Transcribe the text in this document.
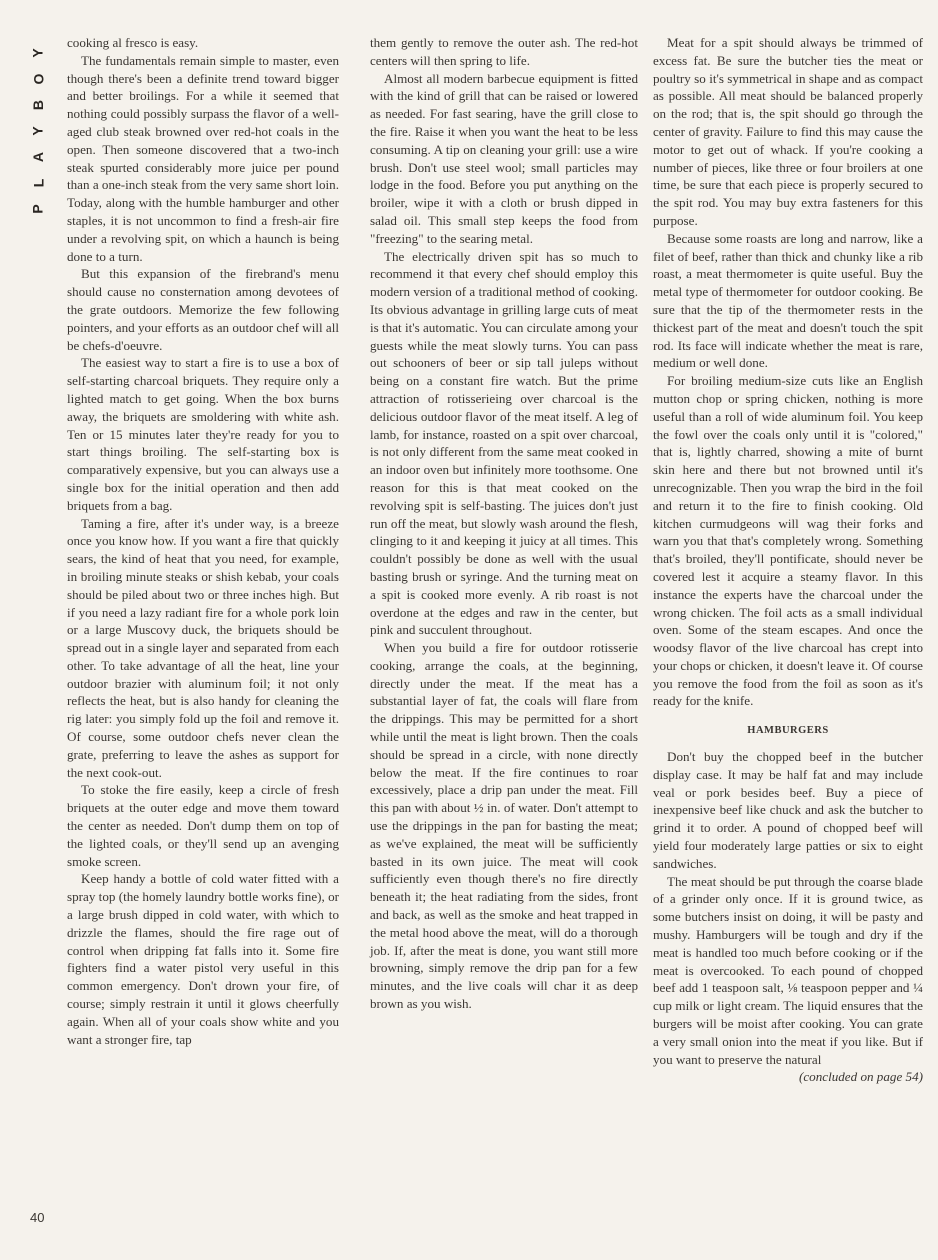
Y
O
B
Y
A
L
P

cooking al fresco is easy.

The fundamentals remain simple to master, even though there's been a definite trend toward bigger and better broilings. For a while it seemed that nothing could possibly surpass the flavor of a well-aged club steak browned over red-hot coals in the open. Then someone discovered that a two-inch steak spurted considerably more juice per pound than a one-inch steak from the very same short loin. Today, along with the humble hamburger and other staples, it is not uncommon to find a fresh-air fire under a revolving spit, on which a haunch is being done to a turn.

But this expansion of the firebrand's menu should cause no consternation among devotees of the grate outdoors. Memorize the few following pointers, and your efforts as an outdoor chef will all be chefs-d'oeuvre.

The easiest way to start a fire is to use a box of self-starting charcoal briquets. They require only a lighted match to get going. When the box burns away, the briquets are smoldering with white ash. Ten or 15 minutes later they're ready for you to start things broiling. The self-starting box is comparatively expensive, but you can always use a single box for the initial operation and then add briquets from a bag.

Taming a fire, after it's under way, is a breeze once you know how. If you want a fire that quickly sears, the kind of heat that you need, for example, in broiling minute steaks or shish kebab, your coals should be piled about two or three inches high. But if you need a lazy radiant fire for a whole pork loin or a large Muscovy duck, the briquets should be spread out in a single layer and separated from each other. To take advantage of all the heat, line your outdoor brazier with aluminum foil; it not only reflects the heat, but is also handy for cleaning the rig later: you simply fold up the foil and remove it. Of course, some outdoor chefs never clean the grate, preferring to leave the ashes as support for the next cook-out.

To stoke the fire easily, keep a circle of fresh briquets at the outer edge and move them toward the center as needed. Don't dump them on top of the lighted coals, or they'll send up an avenging smoke screen.

Keep handy a bottle of cold water fitted with a spray top (the homely laundry bottle works fine), or a large brush dipped in cold water, with which to drizzle the flames, should the fire rage out of control when dripping fat falls into it. Some fire fighters find a water pistol very useful in this common emergency. Don't drown your fire, of course; simply restrain it until it glows cheerfully again. When all of your coals show white and you want a stronger fire, tap

them gently to remove the outer ash. The red-hot centers will then spring to life.

Almost all modern barbecue equipment is fitted with the kind of grill that can be raised or lowered as needed. For fast searing, have the grill close to the fire. Raise it when you want the heat to be less consuming. A tip on cleaning your grill: use a wire brush. Don't use steel wool; small particles may lodge in the food. Before you put anything on the broiler, wipe it with a cloth or brush dipped in salad oil. This small step keeps the food from "freezing" to the searing metal.

The electrically driven spit has so much to recommend it that every chef should employ this modern version of a traditional method of cooking. Its obvious advantage in grilling large cuts of meat is that it's automatic. You can circulate among your guests while the meat slowly turns. You can pass out schooners of beer or sip tall juleps without being on a constant fire watch. But the prime attraction of rotisserieing over charcoal is the delicious outdoor flavor of the meat itself. A leg of lamb, for instance, roasted on a spit over charcoal, is not only different from the same meat cooked in an indoor oven but infinitely more toothsome. One reason for this is that meat cooked on the revolving spit is self-basting. The juices don't just run off the meat, but slowly wash around the flesh, clinging to it and keeping it juicy at all times. This couldn't possibly be done as well with the usual basting brush or syringe. And the turning meat on a spit is cooked more evenly. A rib roast is not overdone at the edges and raw in the center, but pink and succulent throughout.

When you build a fire for outdoor rotisserie cooking, arrange the coals, at the beginning, directly under the meat. If the meat has a substantial layer of fat, the coals will flare from the drippings. This may be permitted for a short while until the meat is light brown. Then the coals should be spread in a circle, with none directly below the meat. If the fire continues to roar excessively, place a drip pan under the meat. Fill this pan with about ½ in. of water. Don't attempt to use the drippings in the pan for basting the meat; as we've explained, the meat will be sufficiently basted in its own juice. The meat will cook sufficiently even though there's no fire directly beneath it; the heat radiating from the sides, front and back, as well as the smoke and heat trapped in the metal hood above the meat, will do a thorough job. If, after the meat is done, you want still more browning, simply remove the drip pan for a few minutes, and the live coals will char it as deep brown as you wish.

Meat for a spit should always be trimmed of excess fat. Be sure the butcher ties the meat or poultry so it's symmetrical in shape and as compact as possible. All meat should be balanced properly on the rod; that is, the spit should go through the center of gravity. Failure to find this may cause the motor to get out of whack. If you're cooking a number of pieces, like three or four broilers at one time, be sure that each piece is properly secured to the spit rod. You may buy extra fasteners for this purpose.

Because some roasts are long and narrow, like a filet of beef, rather than thick and chunky like a rib roast, a meat thermometer is quite useful. Buy the metal type of thermometer for outdoor cooking. Be sure that the tip of the thermometer rests in the thickest part of the meat and doesn't touch the spit rod. Its face will indicate whether the meat is rare, medium or well done.

For broiling medium-size cuts like an English mutton chop or spring chicken, nothing is more useful than a roll of wide aluminum foil. You keep the fowl over the coals only until it is "colored," that is, lightly charred, showing a mite of burnt skin here and there but not browned until it's unrecognizable. Then you wrap the bird in the foil and return it to the fire to finish cooking. Old kitchen curmudgeons will wag their forks and warn you that that's completely wrong. Something that's broiled, they'll pontificate, should never be covered lest it acquire a steamy flavor. In this instance the experts have the charcoal under the wrong chicken. The foil acts as a small individual oven. Some of the steam escapes. And once the woodsy flavor of the live charcoal has crept into your chops or chicken, it doesn't leave it. Of course you remove the food from the foil as soon as it's ready for the knife.

HAMBURGERS

Don't buy the chopped beef in the butcher display case. It may be half fat and may include veal or pork besides beef. Buy a piece of inexpensive beef like chuck and ask the butcher to grind it to order. A pound of chopped beef will yield four moderately large patties or six to eight sandwiches.

The meat should be put through the coarse blade of a grinder only once. If it is ground twice, as some butchers insist on doing, it will be pasty and mushy. Hamburgers will be tough and dry if the meat is handled too much before cooking or if the meat is overcooked. To each pound of chopped beef add 1 teaspoon salt, ⅛ teaspoon pepper and ¼ cup milk or light cream. The liquid ensures that the burgers will be moist after cooking. You can grate a very small onion into the meat if you like. But if you want to preserve the natural

(concluded on page 54)

40
